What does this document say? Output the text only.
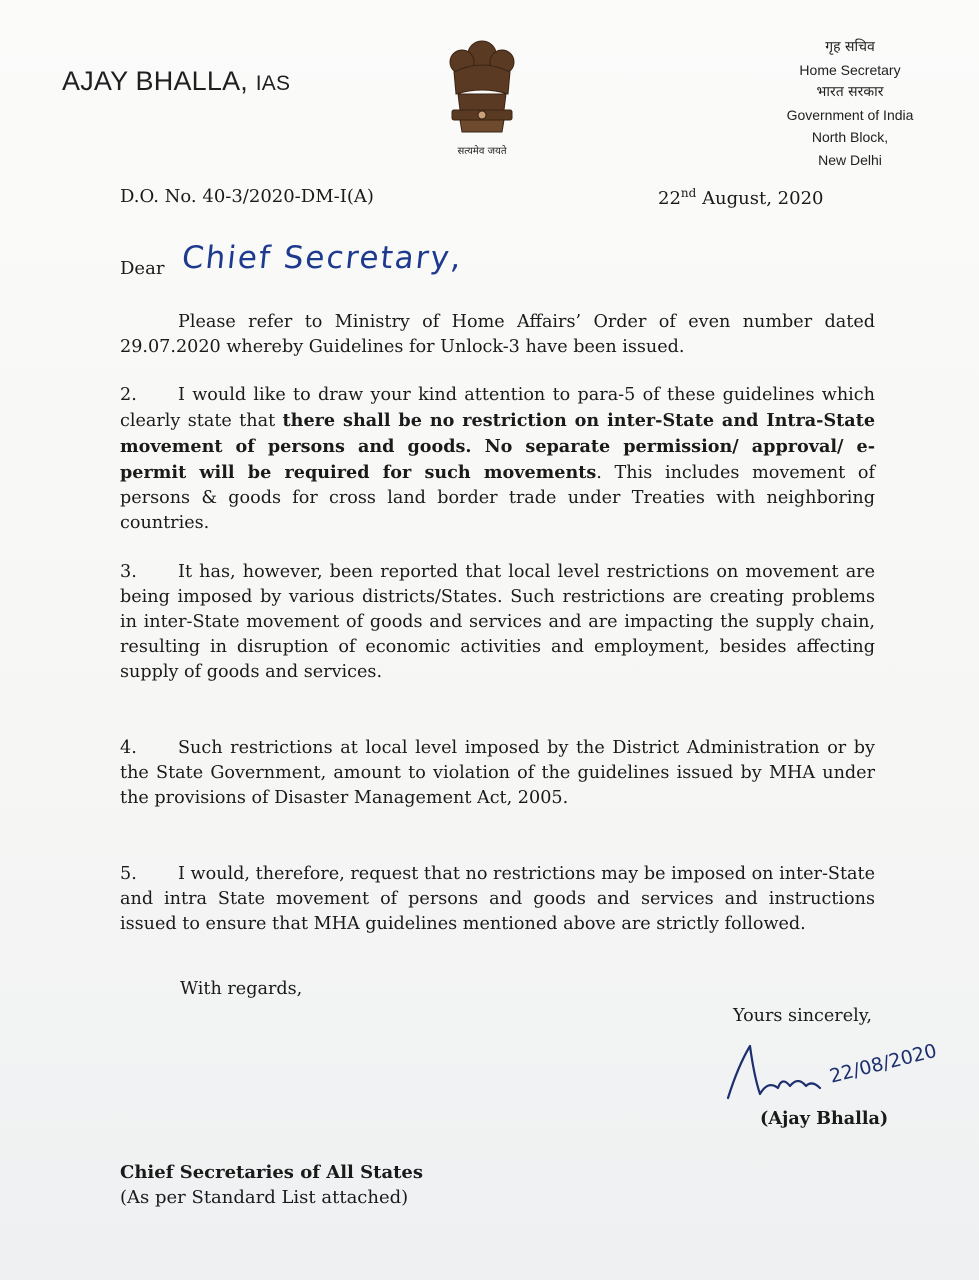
AJAY BHALLA, IAS
सत्यमेव जयते
गृह सचिव
Home Secretary
भारत सरकार
Government of India
North Block,
New Delhi
D.O. No. 40-3/2020-DM-I(A)	22nd August, 2020
Dear Chief Secretary,
Please refer to Ministry of Home Affairs’ Order of even number dated 29.07.2020 whereby Guidelines for Unlock-3 have been issued.
2. I would like to draw your kind attention to para-5 of these guidelines which clearly state that there shall be no restriction on inter-State and Intra-State movement of persons and goods. No separate permission/ approval/ e-permit will be required for such movements. This includes movement of persons & goods for cross land border trade under Treaties with neighboring countries.
3. It has, however, been reported that local level restrictions on movement are being imposed by various districts/States. Such restrictions are creating problems in inter-State movement of goods and services and are impacting the supply chain, resulting in disruption of economic activities and employment, besides affecting supply of goods and services.
4. Such restrictions at local level imposed by the District Administration or by the State Government, amount to violation of the guidelines issued by MHA under the provisions of Disaster Management Act, 2005.
5. I would, therefore, request that no restrictions may be imposed on inter-State and intra State movement of persons and goods and services and instructions issued to ensure that MHA guidelines mentioned above are strictly followed.
With regards,
Yours sincerely,
22/08/2020
(Ajay Bhalla)
Chief Secretaries of All States
(As per Standard List attached)
